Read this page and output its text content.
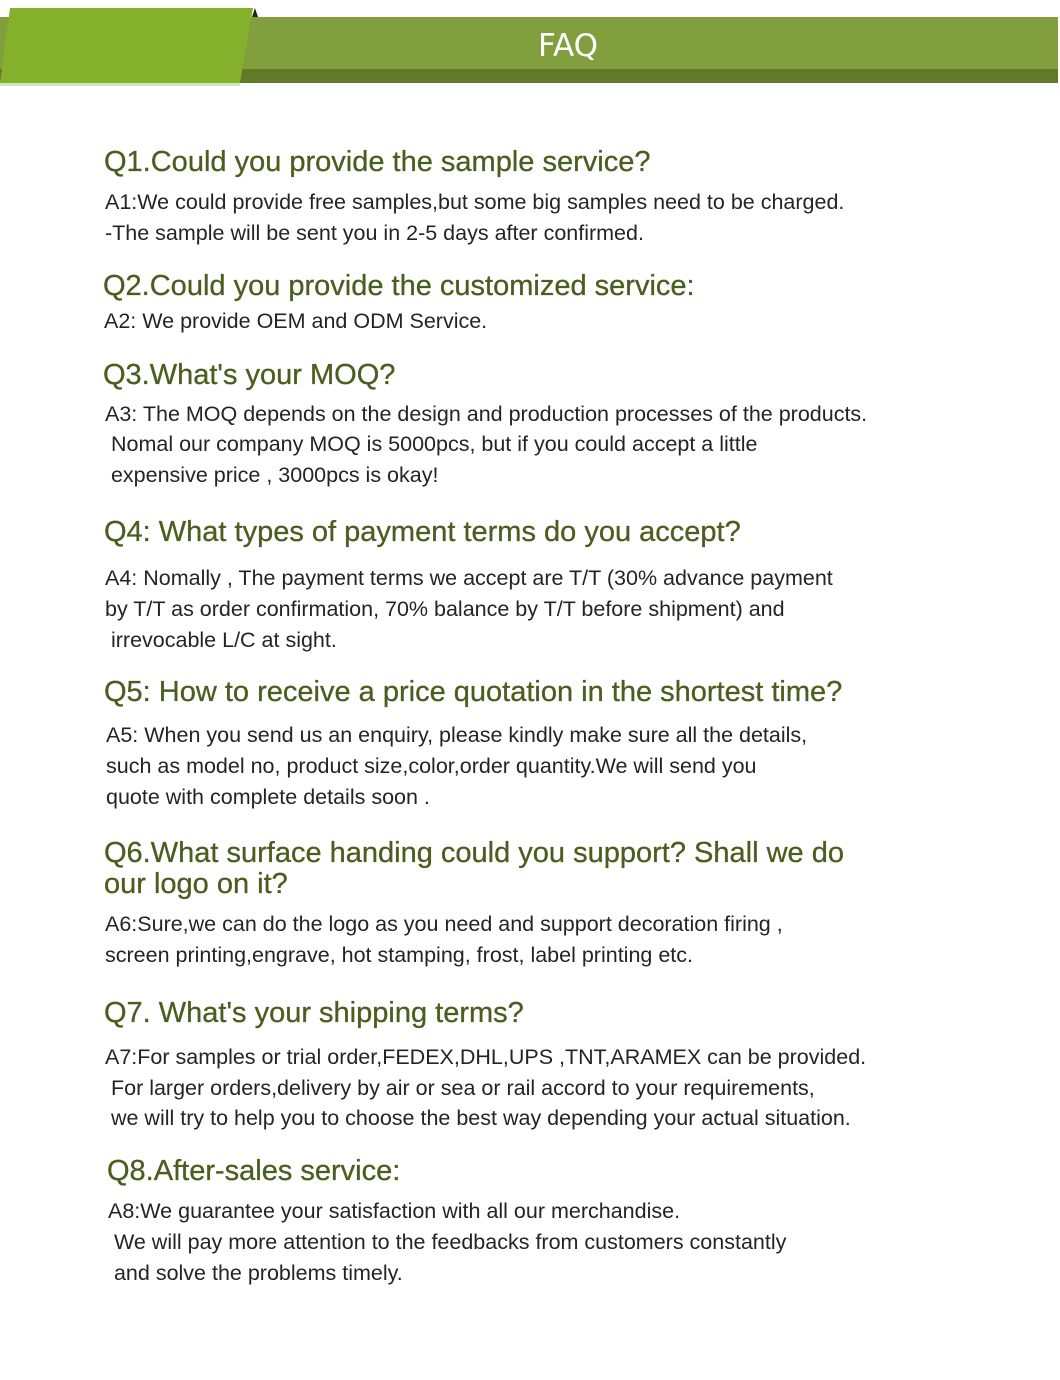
FAQ
Q1.Could you provide the sample service?
A1:We could provide free samples,but some big samples need to be charged.
-The sample will be sent you in 2-5 days after confirmed.
Q2.Could you provide the customized service:
A2: We provide OEM and ODM Service.
Q3.What's your MOQ?
A3: The MOQ depends on the design and production processes of the products.
Nomal our company MOQ is 5000pcs, but if you could accept a little
expensive price , 3000pcs is okay!
Q4: What types of payment terms do you accept?
A4: Nomally , The payment terms we accept are T/T (30% advance payment
by T/T as order confirmation, 70% balance by T/T before shipment) and
irrevocable L/C at sight.
Q5: How to receive a price quotation in the shortest time?
A5: When you send us an enquiry, please kindly make sure all the details,
such as model no, product size,color,order quantity.We will send you
quote with complete details soon .
Q6.What surface handing could you support? Shall we do
our logo on it?
A6:Sure,we can do the logo as you need and support decoration firing ,
screen printing,engrave, hot stamping, frost, label printing etc.
Q7. What's your shipping terms?
A7:For samples or trial order,FEDEX,DHL,UPS ,TNT,ARAMEX can be provided.
For larger orders,delivery by air or sea or rail accord to your requirements,
we will try to help you to choose the best way depending your actual situation.
Q8.After-sales service:
A8:We guarantee your satisfaction with all our merchandise.
We will pay more attention to the feedbacks from customers constantly
and solve the problems timely.
